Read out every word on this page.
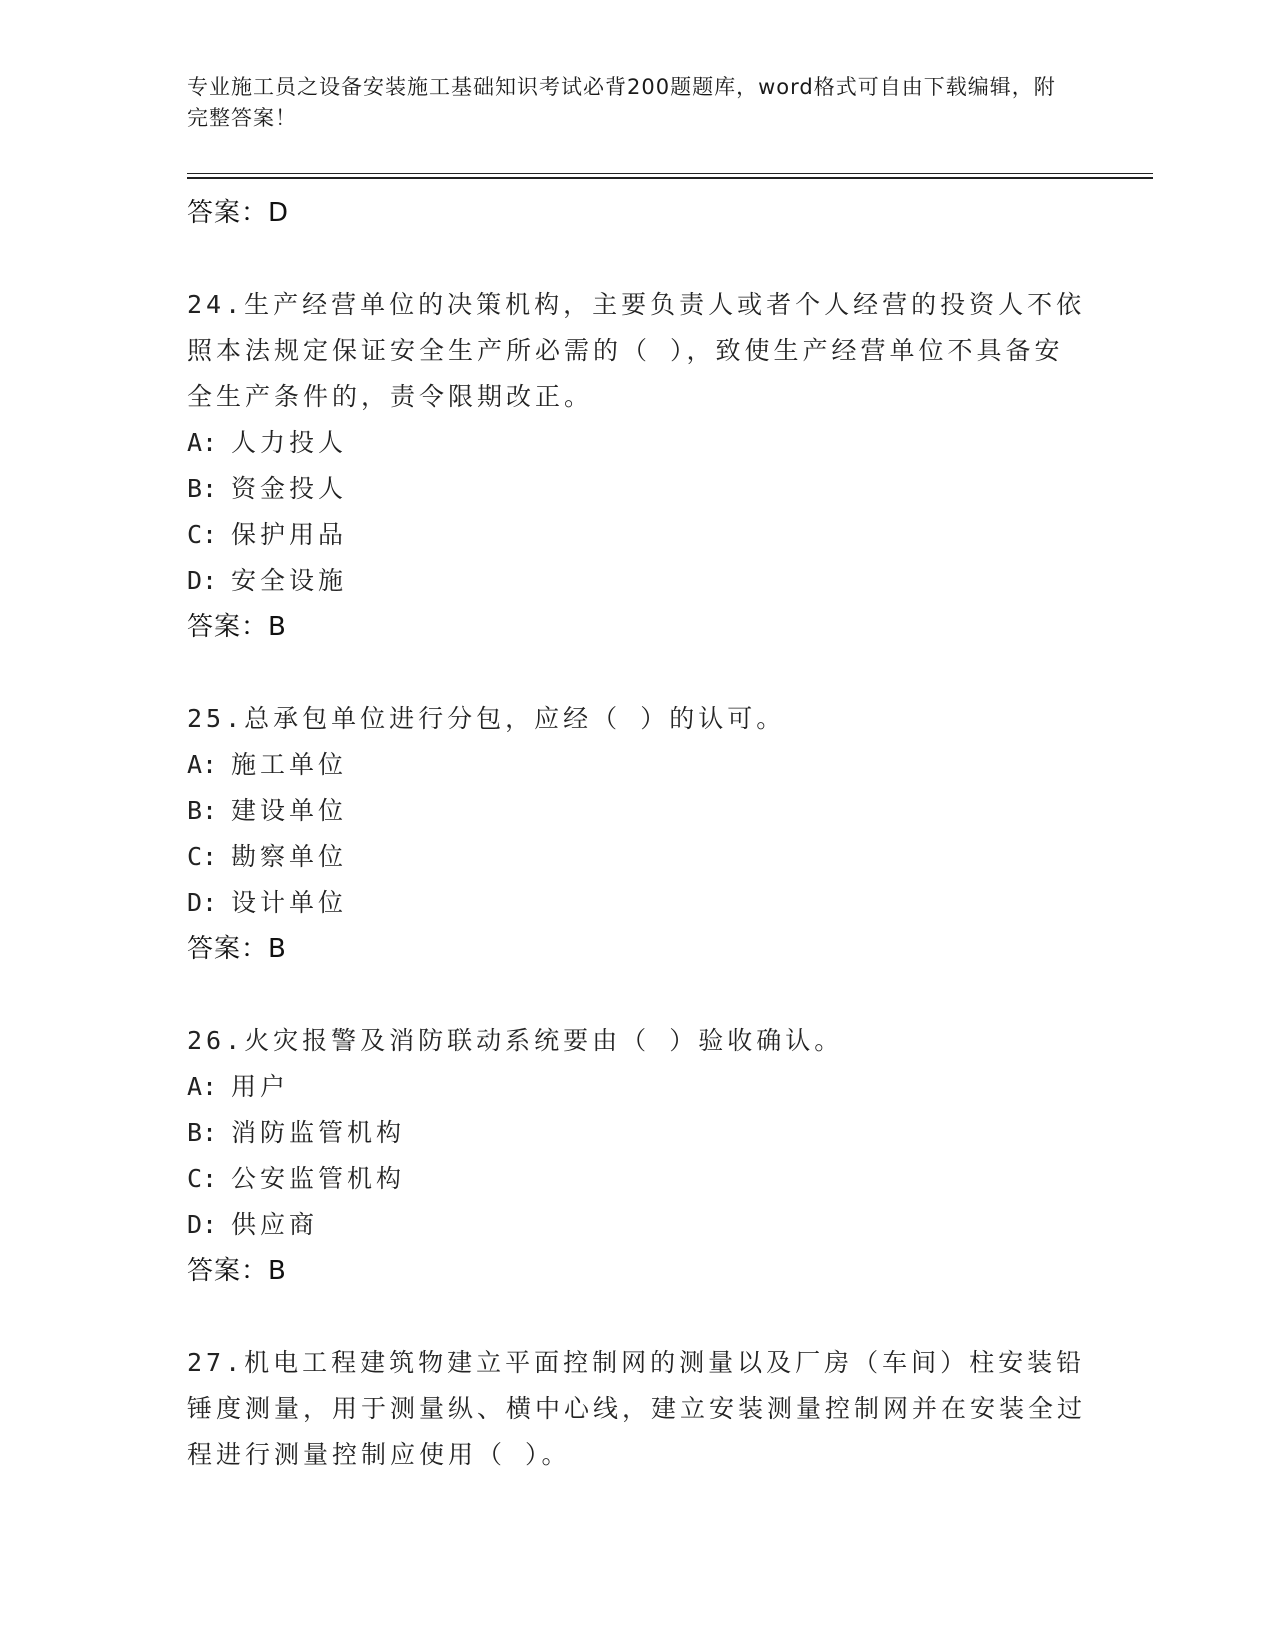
专业施工员之设备安装施工基础知识考试必背200题题库，word格式可自由下载编辑，附完整答案！
答案：D
24.生产经营单位的决策机构，主要负责人或者个人经营的投资人不依照本法规定保证安全生产所必需的（ ），致使生产经营单位不具备安全生产条件的，责令限期改正。
A: 人力投人
B: 资金投人
C: 保护用品
D: 安全设施
答案：B
25.总承包单位进行分包，应经（ ）的认可。
A: 施工单位
B: 建设单位
C: 勘察单位
D: 设计单位
答案：B
26.火灾报警及消防联动系统要由（ ）验收确认。
A: 用户
B: 消防监管机构
C: 公安监管机构
D: 供应商
答案：B
27.机电工程建筑物建立平面控制网的测量以及厂房（车间）柱安装铅锤度测量，用于测量纵、横中心线，建立安装测量控制网并在安装全过程进行测量控制应使用（ ）。
